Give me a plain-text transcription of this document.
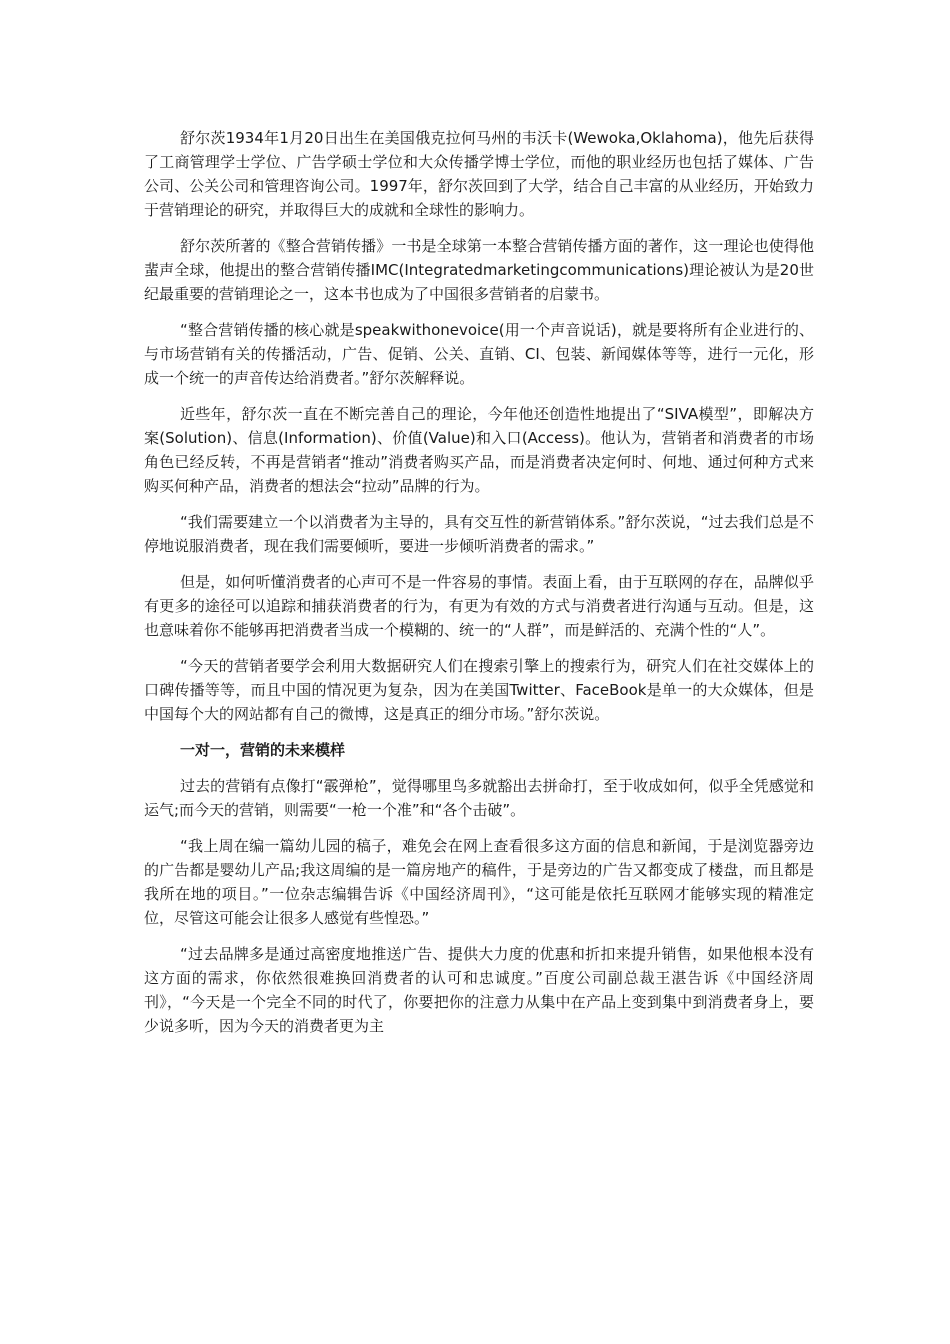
舒尔茨1934年1月20日出生在美国俄克拉何马州的韦沃卡(Wewoka,Oklahoma)，他先后获得了工商管理学士学位、广告学硕士学位和大众传播学博士学位，而他的职业经历也包括了媒体、广告公司、公关公司和管理咨询公司。1997年，舒尔茨回到了大学，结合自己丰富的从业经历，开始致力于营销理论的研究，并取得巨大的成就和全球性的影响力。

舒尔茨所著的《整合营销传播》一书是全球第一本整合营销传播方面的著作，这一理论也使得他蜚声全球，他提出的整合营销传播IMC(Integratedmarketingcommunications)理论被认为是20世纪最重要的营销理论之一，这本书也成为了中国很多营销者的启蒙书。

“整合营销传播的核心就是speakwithonevoice(用一个声音说话)，就是要将所有企业进行的、与市场营销有关的传播活动，广告、促销、公关、直销、CI、包装、新闻媒体等等，进行一元化，形成一个统一的声音传达给消费者。”舒尔茨解释说。

近些年，舒尔茨一直在不断完善自己的理论，今年他还创造性地提出了“SIVA模型”，即解决方案(Solution)、信息(Information)、价值(Value)和入口(Access)。他认为，营销者和消费者的市场角色已经反转，不再是营销者“推动”消费者购买产品，而是消费者决定何时、何地、通过何种方式来购买何种产品，消费者的想法会“拉动”品牌的行为。

“我们需要建立一个以消费者为主导的，具有交互性的新营销体系。”舒尔茨说，“过去我们总是不停地说服消费者，现在我们需要倾听，要进一步倾听消费者的需求。”

但是，如何听懂消费者的心声可不是一件容易的事情。表面上看，由于互联网的存在，品牌似乎有更多的途径可以追踪和捕获消费者的行为，有更为有效的方式与消费者进行沟通与互动。但是，这也意味着你不能够再把消费者当成一个模糊的、统一的“人群”，而是鲜活的、充满个性的“人”。

“今天的营销者要学会利用大数据研究人们在搜索引擎上的搜索行为，研究人们在社交媒体上的口碑传播等等，而且中国的情况更为复杂，因为在美国Twitter、FaceBook是单一的大众媒体，但是中国每个大的网站都有自己的微博，这是真正的细分市场。”舒尔茨说。

一对一，营销的未来模样

过去的营销有点像打“霰弹枪”，觉得哪里鸟多就豁出去拼命打，至于收成如何，似乎全凭感觉和运气;而今天的营销，则需要“一枪一个准”和“各个击破”。

“我上周在编一篇幼儿园的稿子，难免会在网上查看很多这方面的信息和新闻，于是浏览器旁边的广告都是婴幼儿产品;我这周编的是一篇房地产的稿件，于是旁边的广告又都变成了楼盘，而且都是我所在地的项目。”一位杂志编辑告诉《中国经济周刊》，“这可能是依托互联网才能够实现的精准定位，尽管这可能会让很多人感觉有些惶恐。”

“过去品牌多是通过高密度地推送广告、提供大力度的优惠和折扣来提升销售，如果他根本没有这方面的需求，你依然很难换回消费者的认可和忠诚度。”百度公司副总裁王湛告诉《中国经济周刊》，“今天是一个完全不同的时代了，你要把你的注意力从集中在产品上变到集中到消费者身上，要少说多听，因为今天的消费者更为主
